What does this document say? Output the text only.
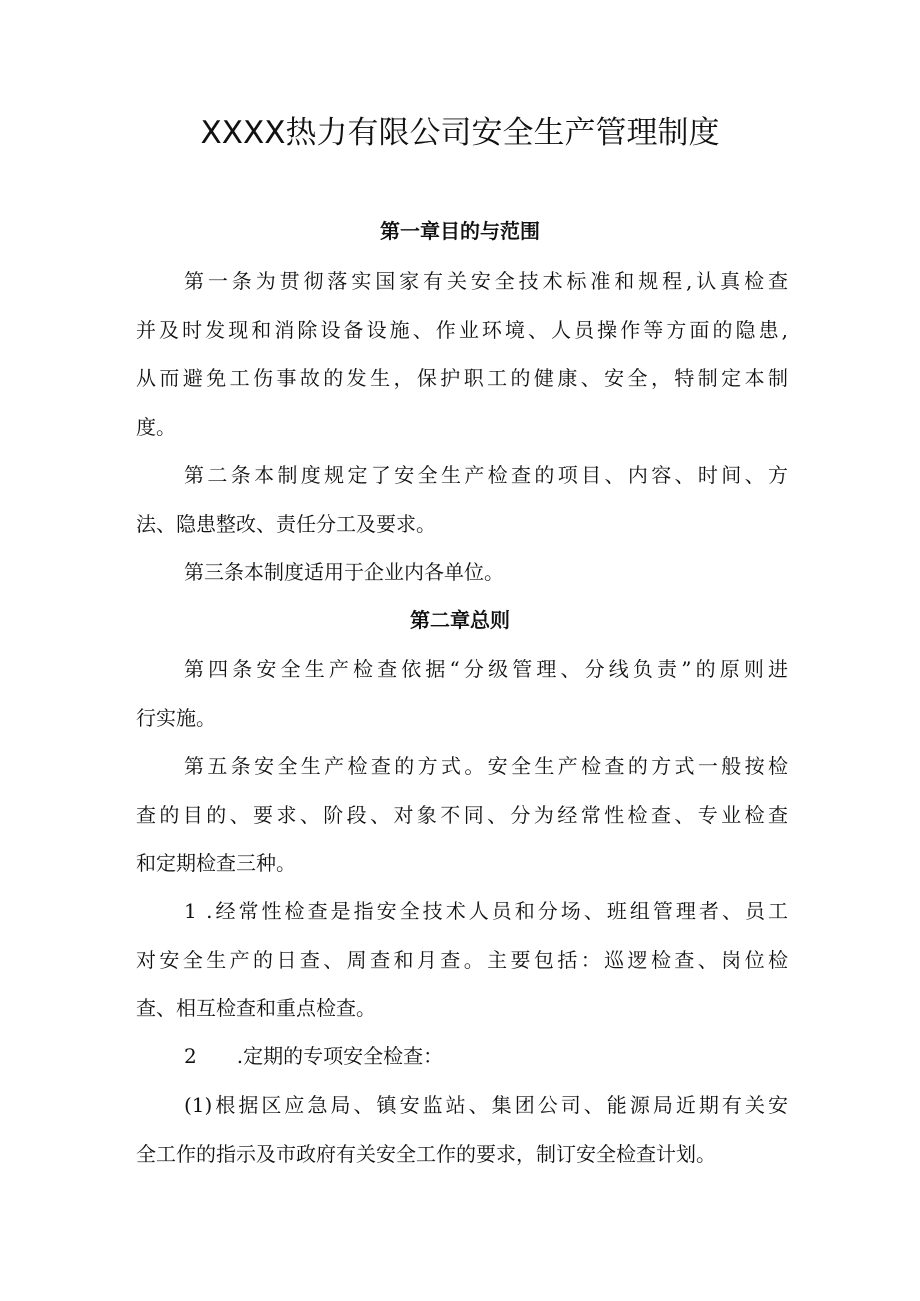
XXXX热力有限公司安全生产管理制度
第一章目的与范围
第一条为贯彻落实国家有关安全技术标准和规程,认真检查
并及时发现和消除设备设施、作业环境、人员操作等方面的隐患,
从而避免工伤事故的发生，保护职工的健康、安全，特制定本制
度。
第二条本制度规定了安全生产检查的项目、内容、时间、方
法、隐患整改、责任分工及要求。
第三条本制度适用于企业内各单位。
第二章总则
第四条安全生产检查依据“分级管理、分线负责”的原则进
行实施。
第五条安全生产检查的方式。安全生产检查的方式一般按检
查的目的、要求、阶段、对象不同、分为经常性检查、专业检查
和定期检查三种。
1 .经常性检查是指安全技术人员和分场、班组管理者、员工
对安全生产的日查、周查和月查。主要包括：巡逻检查、岗位检
查、相互检查和重点检查。
2　　.定期的专项安全检查：
(1)根据区应急局、镇安监站、集团公司、能源局近期有关安
全工作的指示及市政府有关安全工作的要求，制订安全检查计划。
